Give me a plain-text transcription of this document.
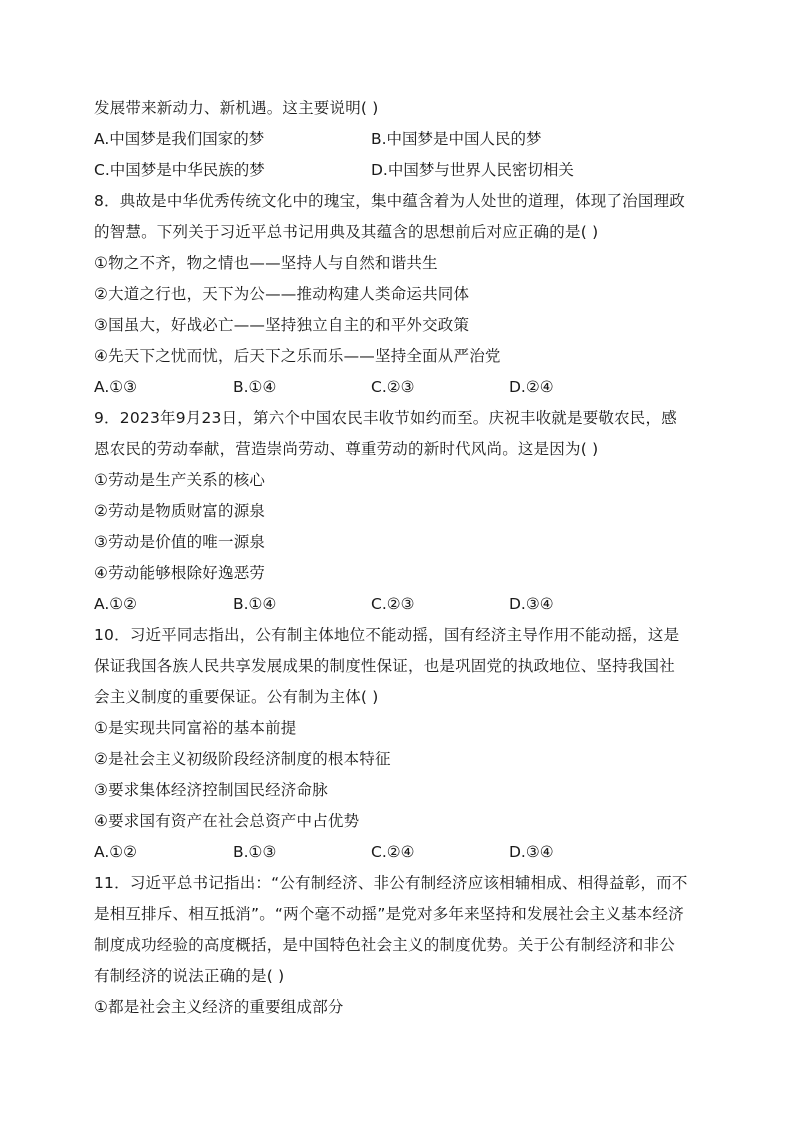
发展带来新动力、新机遇。这主要说明( )
A.中国梦是我们国家的梦	B.中国梦是中国人民的梦
C.中国梦是中华民族的梦	D.中国梦与世界人民密切相关
8．典故是中华优秀传统文化中的瑰宝，集中蕴含着为人处世的道理，体现了治国理政
的智慧。下列关于习近平总书记用典及其蕴含的思想前后对应正确的是( )
①物之不齐，物之情也——坚持人与自然和谐共生
②大道之行也，天下为公——推动构建人类命运共同体
③国虽大，好战必亡——坚持独立自主的和平外交政策
④先天下之忧而忧，后天下之乐而乐——坚持全面从严治党
A.①③	B.①④	C.②③	D.②④
9．2023年9月23日，第六个中国农民丰收节如约而至。庆祝丰收就是要敬农民，感
恩农民的劳动奉献，营造崇尚劳动、尊重劳动的新时代风尚。这是因为( )
①劳动是生产关系的核心
②劳动是物质财富的源泉
③劳动是价值的唯一源泉
④劳动能够根除好逸恶劳
A.①②	B.①④	C.②③	D.③④
10．习近平同志指出，公有制主体地位不能动摇，国有经济主导作用不能动摇，这是
保证我国各族人民共享发展成果的制度性保证，也是巩固党的执政地位、坚持我国社
会主义制度的重要保证。公有制为主体( )
①是实现共同富裕的基本前提
②是社会主义初级阶段经济制度的根本特征
③要求集体经济控制国民经济命脉
④要求国有资产在社会总资产中占优势
A.①②	B.①③	C.②④	D.③④
11．习近平总书记指出：“公有制经济、非公有制经济应该相辅相成、相得益彰，而不
是相互排斥、相互抵消”。“两个毫不动摇”是党对多年来坚持和发展社会主义基本经济
制度成功经验的高度概括，是中国特色社会主义的制度优势。关于公有制经济和非公
有制经济的说法正确的是( )
①都是社会主义经济的重要组成部分
